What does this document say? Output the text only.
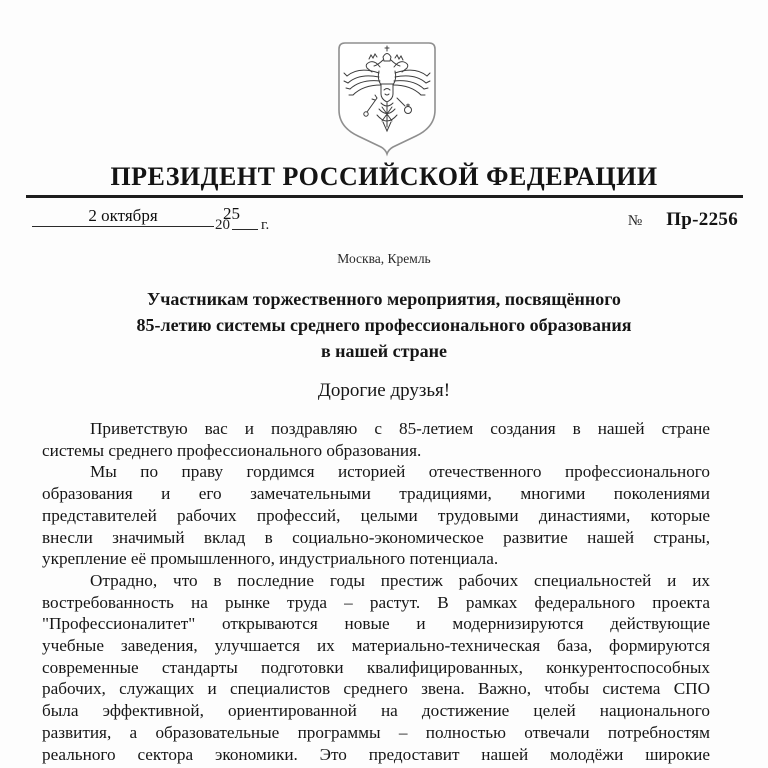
ПРЕЗИДЕНТ РОССИЙСКОЙ ФЕДЕРАЦИИ
2 октября	20
25
г.	№ Пр-2256
Москва, Кремль
Участникам торжественного мероприятия, посвящённого
85-летию системы среднего профессионального образования
в нашей стране
Дорогие друзья!
Приветствую вас и поздравляю с 85-летием создания в нашей стране
системы среднего профессионального образования.
Мы по праву гордимся историей отечественного профессионального
образования и его замечательными традициями, многими поколениями
представителей рабочих профессий, целыми трудовыми династиями, которые
внесли значимый вклад в социально-экономическое развитие нашей страны,
укрепление её промышленного, индустриального потенциала.
Отрадно, что в последние годы престиж рабочих специальностей и их
востребованность на рынке труда – растут. В рамках федерального проекта
"Профессионалитет" открываются новые и модернизируются действующие
учебные заведения, улучшается их материально-техническая база, формируются
современные стандарты подготовки квалифицированных, конкурентоспособных
рабочих, служащих и специалистов среднего звена. Важно, чтобы система СПО
была эффективной, ориентированной на достижение целей национального
развития, а образовательные программы – полностью отвечали потребностям
реального сектора экономики. Это предоставит нашей молодёжи широкие
